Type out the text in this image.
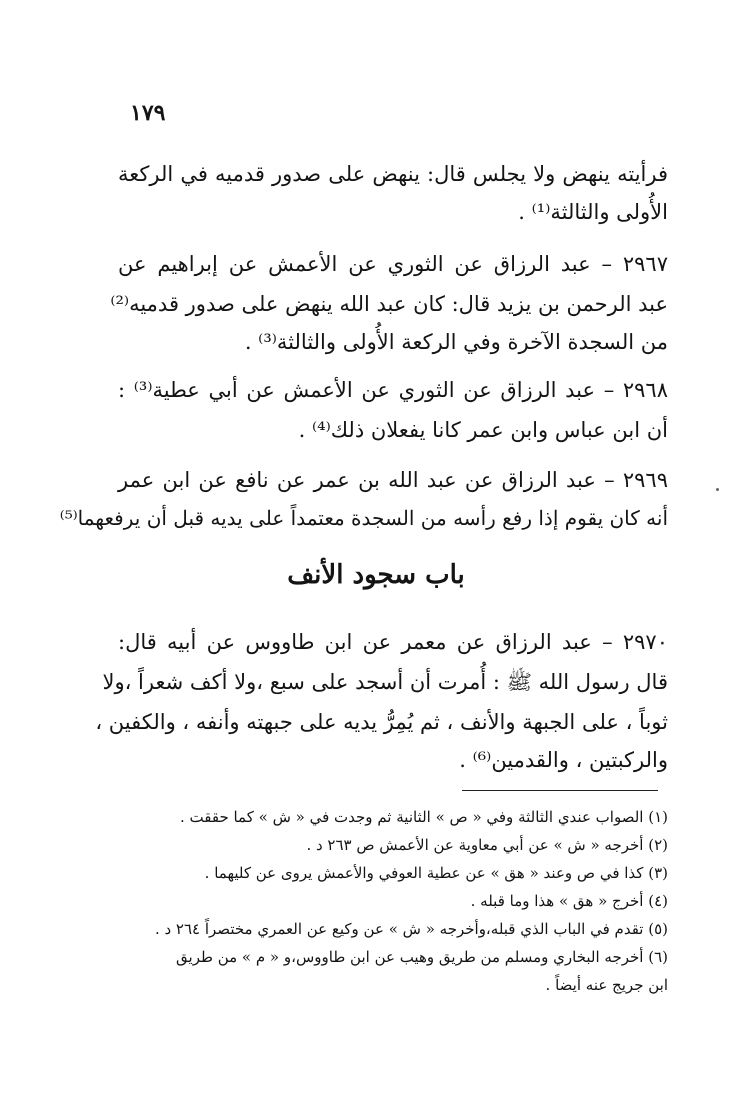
١٧٩
فرأيته ينهض ولا يجلس قال: ينهض على صدور قدميه في الركعة
الأُولى والثالثة⁽¹⁾ .
٢٩٦٧ – عبد الرزاق عن الثوري عن الأعمش عن إبراهيم عن
عبد الرحمن بن يزيد قال: كان عبد الله ينهض على صدور قدميه⁽²⁾
من السجدة الآخرة وفي الركعة الأُولى والثالثة⁽³⁾ .
٢٩٦٨ – عبد الرزاق عن الثوري عن الأعمش عن أبي عطية⁽³⁾ :
أن ابن عباس وابن عمر كانا يفعلان ذلك⁽⁴⁾ .
٢٩٦٩ – عبد الرزاق عن عبد الله بن عمر عن نافع عن ابن عمر
أنه كان يقوم إذا رفع رأسه من السجدة معتمداً على يديه قبل أن يرفعهما⁽⁵⁾
باب سجود الأنف
٢٩٧٠ – عبد الرزاق عن معمر عن ابن طاووس عن أبيه قال:
قال رسول الله ﷺ : أُمرت أن أسجد على سبع ،ولا أكف شعراً ،ولا
ثوباً ، على الجبهة والأنف ، ثم يُمِرُّ يديه على جبهته وأنفه ، والكفين ،
والركبتين ، والقدمين⁽⁶⁾ .
(١) الصواب عندي الثالثة وفي « ص » الثانية ثم وجدت في « ش » كما حققت .
(٢) أخرجه « ش » عن أبي معاوية عن الأعمش ص ٢٦٣ د .
(٣) كذا في ص وعند « هق » عن عطية العوفي والأعمش يروى عن كليهما .
(٤) أخرج « هق » هذا وما قبله .
(٥) تقدم في الباب الذي قبله،وأخرجه « ش » عن وكيع عن العمري مختصراً ٢٦٤ د .
(٦) أخرجه البخاري ومسلم من طريق وهيب عن ابن طاووس،و « م » من طريق
ابن جريج عنه أيضاً .
